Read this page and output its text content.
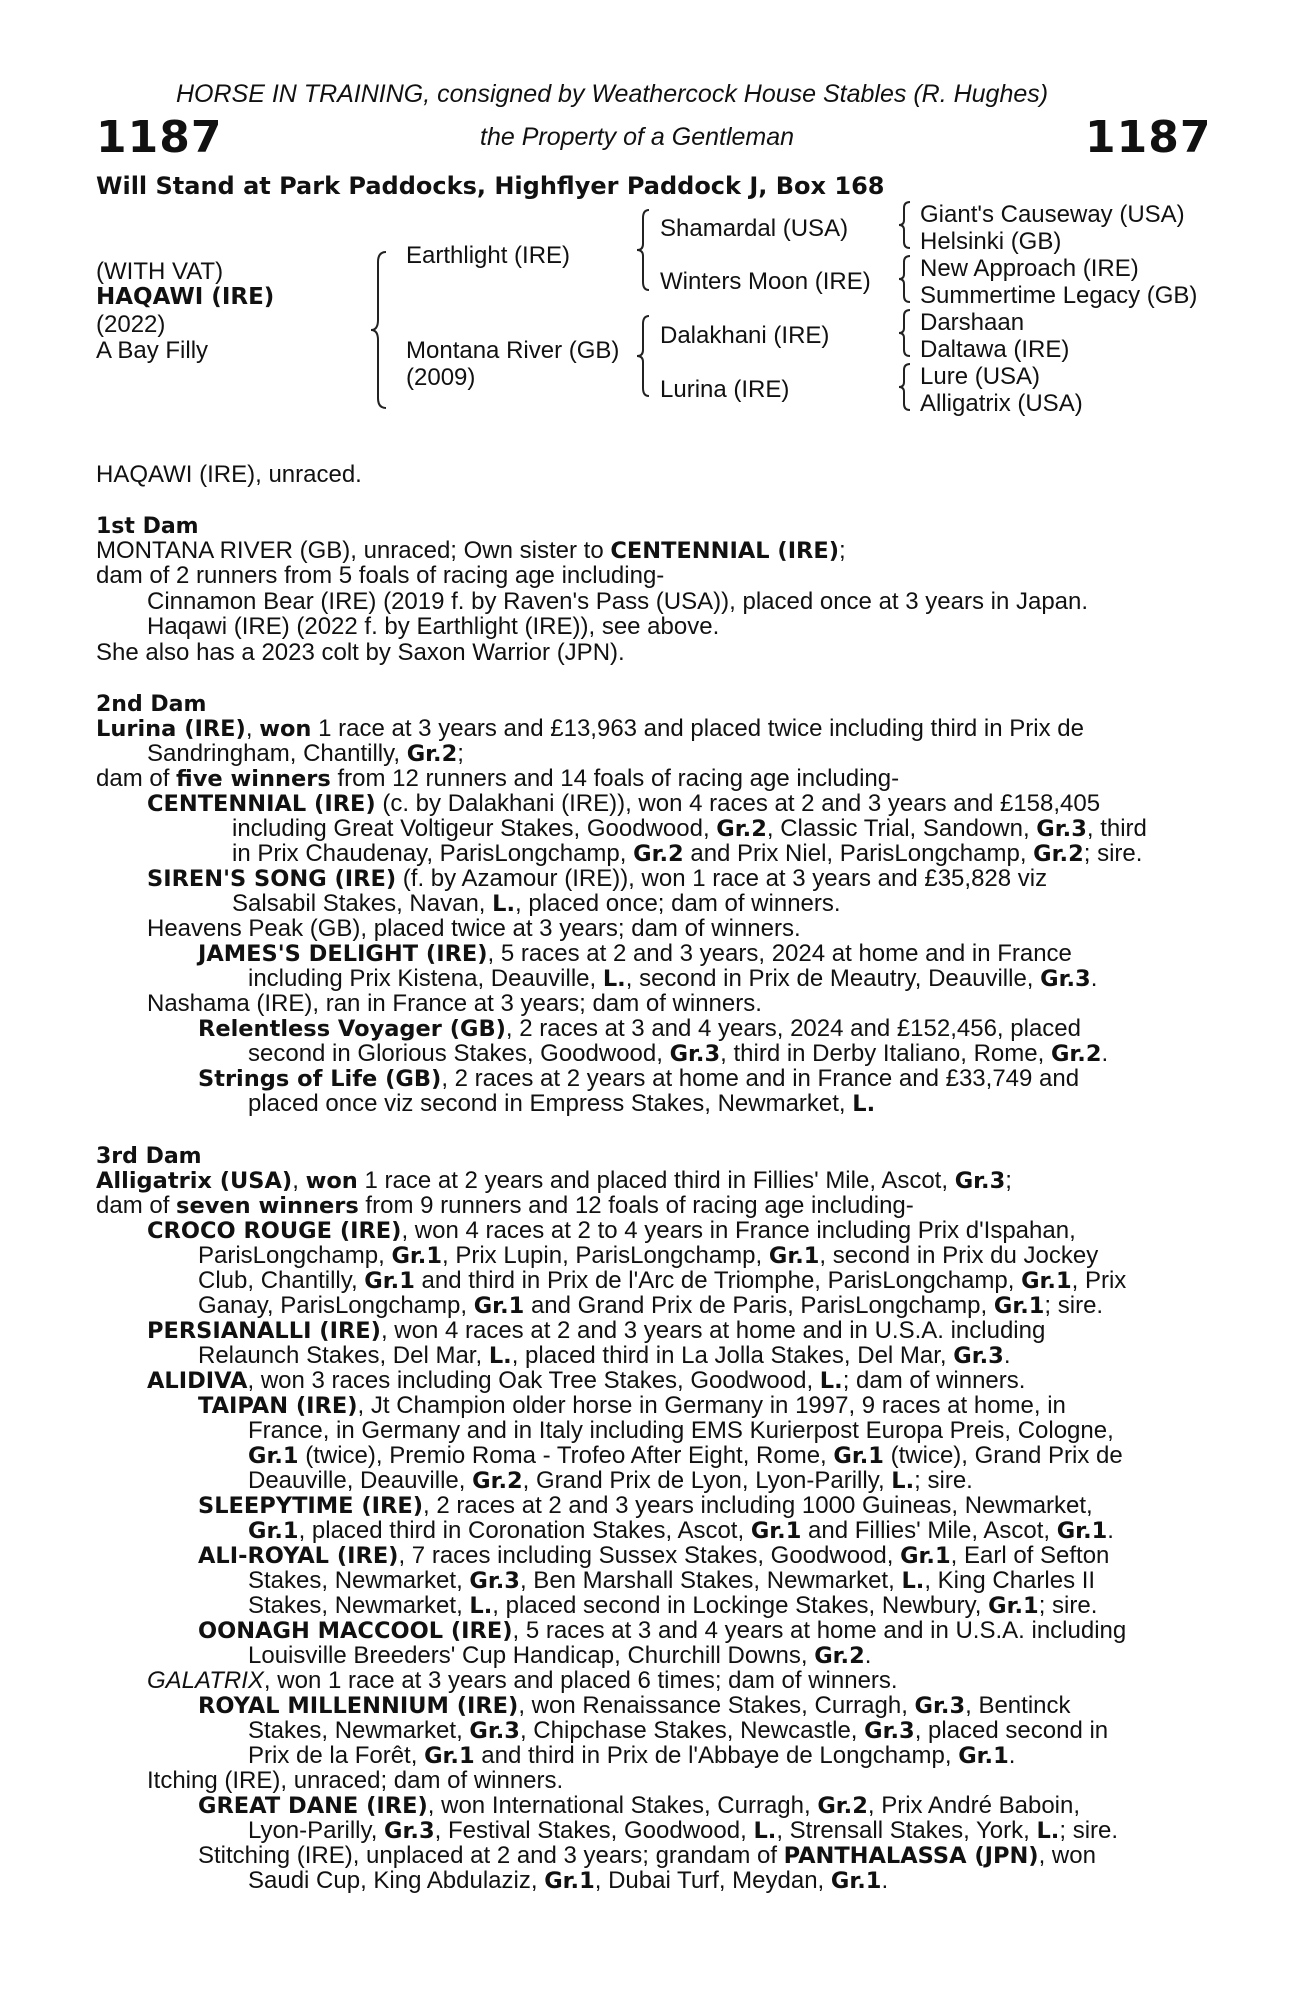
HORSE IN TRAINING, consigned by Weathercock House Stables (R. Hughes)
1187	the Property of a Gentleman	1187
Will Stand at Park Paddocks, Highflyer Paddock J, Box 168
(WITH VAT)
HAQAWI (IRE)
(2022)
A Bay Filly
Earthlight (IRE)
Montana River (GB)
(2009)
Shamardal (USA)
Winters Moon (IRE)
Dalakhani (IRE)
Lurina (IRE)
Giant's Causeway (USA)
Helsinki (GB)
New Approach (IRE)
Summertime Legacy (GB)
Darshaan
Daltawa (IRE)
Lure (USA)
Alligatrix (USA)
HAQAWI (IRE), unraced.
1st Dam
MONTANA RIVER (GB), unraced; Own sister to CENTENNIAL (IRE);
dam of 2 runners from 5 foals of racing age including-
Cinnamon Bear (IRE) (2019 f. by Raven's Pass (USA)), placed once at 3 years in Japan.
Haqawi (IRE) (2022 f. by Earthlight (IRE)), see above.
She also has a 2023 colt by Saxon Warrior (JPN).
2nd Dam
Lurina (IRE), won 1 race at 3 years and £13,963 and placed twice including third in Prix de
Sandringham, Chantilly, Gr.2;
dam of five winners from 12 runners and 14 foals of racing age including-
CENTENNIAL (IRE) (c. by Dalakhani (IRE)), won 4 races at 2 and 3 years and £158,405
including Great Voltigeur Stakes, Goodwood, Gr.2, Classic Trial, Sandown, Gr.3, third
in Prix Chaudenay, ParisLongchamp, Gr.2 and Prix Niel, ParisLongchamp, Gr.2; sire.
SIREN'S SONG (IRE) (f. by Azamour (IRE)), won 1 race at 3 years and £35,828 viz
Salsabil Stakes, Navan, L., placed once; dam of winners.
Heavens Peak (GB), placed twice at 3 years; dam of winners.
JAMES'S DELIGHT (IRE), 5 races at 2 and 3 years, 2024 at home and in France
including Prix Kistena, Deauville, L., second in Prix de Meautry, Deauville, Gr.3.
Nashama (IRE), ran in France at 3 years; dam of winners.
Relentless Voyager (GB), 2 races at 3 and 4 years, 2024 and £152,456, placed
second in Glorious Stakes, Goodwood, Gr.3, third in Derby Italiano, Rome, Gr.2.
Strings of Life (GB), 2 races at 2 years at home and in France and £33,749 and
placed once viz second in Empress Stakes, Newmarket, L.
3rd Dam
Alligatrix (USA), won 1 race at 2 years and placed third in Fillies' Mile, Ascot, Gr.3;
dam of seven winners from 9 runners and 12 foals of racing age including-
CROCO ROUGE (IRE), won 4 races at 2 to 4 years in France including Prix d'Ispahan,
ParisLongchamp, Gr.1, Prix Lupin, ParisLongchamp, Gr.1, second in Prix du Jockey
Club, Chantilly, Gr.1 and third in Prix de l'Arc de Triomphe, ParisLongchamp, Gr.1, Prix
Ganay, ParisLongchamp, Gr.1 and Grand Prix de Paris, ParisLongchamp, Gr.1; sire.
PERSIANALLI (IRE), won 4 races at 2 and 3 years at home and in U.S.A. including
Relaunch Stakes, Del Mar, L., placed third in La Jolla Stakes, Del Mar, Gr.3.
ALIDIVA, won 3 races including Oak Tree Stakes, Goodwood, L.; dam of winners.
TAIPAN (IRE), Jt Champion older horse in Germany in 1997, 9 races at home, in
France, in Germany and in Italy including EMS Kurierpost Europa Preis, Cologne,
Gr.1 (twice), Premio Roma - Trofeo After Eight, Rome, Gr.1 (twice), Grand Prix de
Deauville, Deauville, Gr.2, Grand Prix de Lyon, Lyon-Parilly, L.; sire.
SLEEPYTIME (IRE), 2 races at 2 and 3 years including 1000 Guineas, Newmarket,
Gr.1, placed third in Coronation Stakes, Ascot, Gr.1 and Fillies' Mile, Ascot, Gr.1.
ALI-ROYAL (IRE), 7 races including Sussex Stakes, Goodwood, Gr.1, Earl of Sefton
Stakes, Newmarket, Gr.3, Ben Marshall Stakes, Newmarket, L., King Charles II
Stakes, Newmarket, L., placed second in Lockinge Stakes, Newbury, Gr.1; sire.
OONAGH MACCOOL (IRE), 5 races at 3 and 4 years at home and in U.S.A. including
Louisville Breeders' Cup Handicap, Churchill Downs, Gr.2.
GALATRIX, won 1 race at 3 years and placed 6 times; dam of winners.
ROYAL MILLENNIUM (IRE), won Renaissance Stakes, Curragh, Gr.3, Bentinck
Stakes, Newmarket, Gr.3, Chipchase Stakes, Newcastle, Gr.3, placed second in
Prix de la Forêt, Gr.1 and third in Prix de l'Abbaye de Longchamp, Gr.1.
Itching (IRE), unraced; dam of winners.
GREAT DANE (IRE), won International Stakes, Curragh, Gr.2, Prix André Baboin,
Lyon-Parilly, Gr.3, Festival Stakes, Goodwood, L., Strensall Stakes, York, L.; sire.
Stitching (IRE), unplaced at 2 and 3 years; grandam of PANTHALASSA (JPN), won
Saudi Cup, King Abdulaziz, Gr.1, Dubai Turf, Meydan, Gr.1.
